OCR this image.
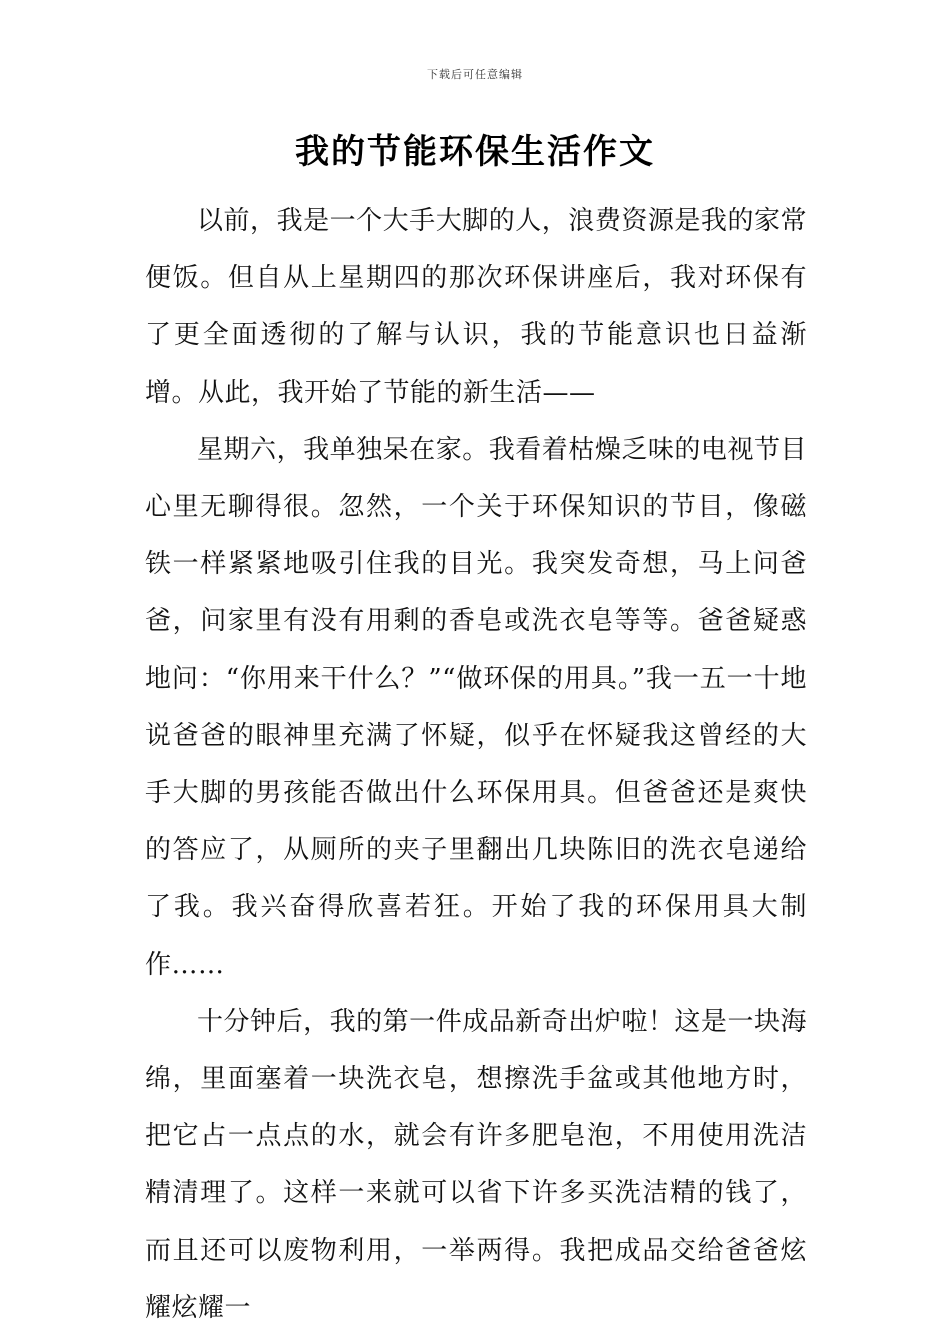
下载后可任意编辑
我的节能环保生活作文

以前，我是一个大手大脚的人，浪费资源是我的家常便饭。但自从上星期四的那次环保讲座后，我对环保有了更全面透彻的了解与认识，我的节能意识也日益渐增。从此，我开始了节能的新生活——

星期六，我单独呆在家。我看着枯燥乏味的电视节目心里无聊得很。忽然，一个关于环保知识的节目，像磁铁一样紧紧地吸引住我的目光。我突发奇想，马上问爸爸，问家里有没有用剩的香皂或洗衣皂等等。爸爸疑惑地问：“你用来干什么？”“做环保的用具。”我一五一十地说爸爸的眼神里充满了怀疑，似乎在怀疑我这曾经的大手大脚的男孩能否做出什么环保用具。但爸爸还是爽快的答应了，从厕所的夹子里翻出几块陈旧的洗衣皂递给了我。我兴奋得欣喜若狂。开始了我的环保用具大制作……

十分钟后，我的第一件成品新奇出炉啦！这是一块海绵，里面塞着一块洗衣皂，想擦洗手盆或其他地方时，把它占一点点的水，就会有许多肥皂泡，不用使用洗洁精清理了。这样一来就可以省下许多买洗洁精的钱了，而且还可以废物利用，一举两得。我把成品交给爸爸炫耀炫耀一
